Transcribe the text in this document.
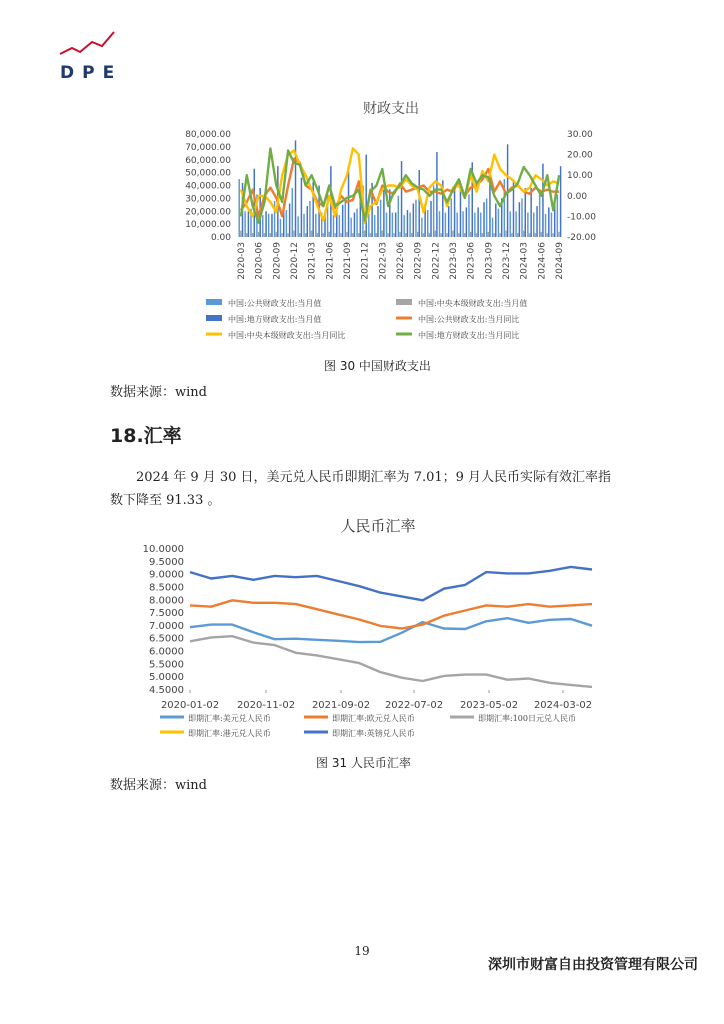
DPE
财政支出
80,000.00
70,000.00
60,000.00
50,000.00
40,000.00
30,000.00
20,000.00
10,000.00
0.00
30.00
20.00
10.00
0.00
-10.00
-20.00
2020-03 2020-06 2020-09 2020-12 2021-03 2021-06 2021-09 2021-12 2022-03 2022-06 2022-09 2022-12 2023-03 2023-06 2023-09 2023-12 2024-03 2024-06 2024-09
中国:公共财政支出:当月值	中国:中央本级财政支出:当月值
中国:地方财政支出:当月值	中国:公共财政支出:当月同比
中国:中央本级财政支出:当月同比	中国:地方财政支出:当月同比
图 30 中国财政支出
数据来源：wind
18.汇率
2024 年 9 月 30 日，美元兑人民币即期汇率为 7.01；9 月人民币实际有效汇率指数下降至 91.33 。
人民币汇率
10.0000
9.5000
9.0000
8.5000
8.0000
7.5000
7.0000
6.5000
6.0000
5.5000
5.0000
4.5000
2020-01-02 2020-11-02 2021-09-02 2022-07-02 2023-05-02 2024-03-02
即期汇率:美元兑人民币	即期汇率:欧元兑人民币	即期汇率:100日元兑人民币
即期汇率:港元兑人民币	即期汇率:英镑兑人民币
图 31 人民币汇率
数据来源：wind
19
深圳市财富自由投资管理有限公司
